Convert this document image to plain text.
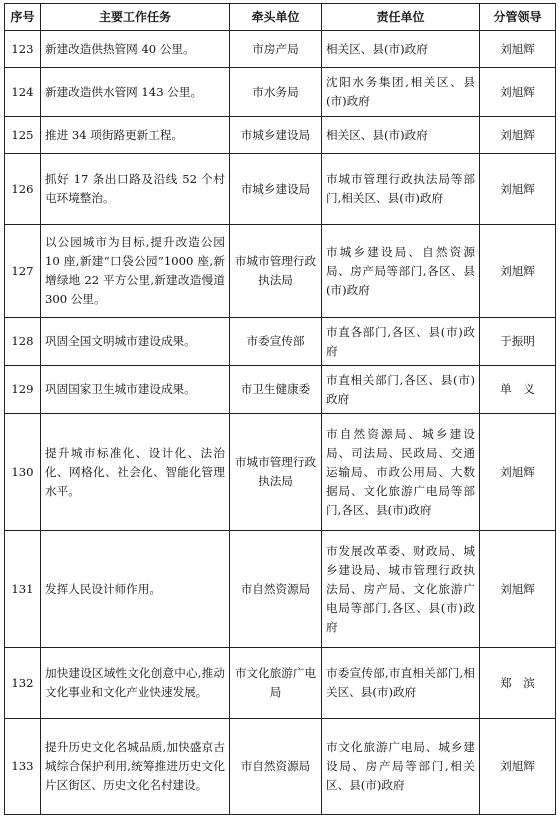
序号	主要工作任务	牵头单位	责任单位	分管领导
123	新建改造供热管网 40 公里。	市房产局	相关区、县(市)政府	刘旭辉
124	新建改造供水管网 143 公里。	市水务局	沈阳水务集团,相关区、县(市)政府	刘旭辉
125	推进 34 项街路更新工程。	市城乡建设局	相关区、县(市)政府	刘旭辉
126	抓好 17 条出口路及沿线 52 个村屯环境整治。	市城乡建设局	市城市管理行政执法局等部门,相关区、县(市)政府	刘旭辉
127	以公园城市为目标,提升改造公园 10 座,新建“口袋公园”1000 座,新增绿地 22 平方公里,新建改造慢道 300 公里。	市城市管理行政执法局	市城乡建设局、自然资源局、房产局等部门,各区、县(市)政府	刘旭辉
128	巩固全国文明城市建设成果。	市委宣传部	市直各部门,各区、县(市)政府	于振明
129	巩固国家卫生城市建设成果。	市卫生健康委	市直相关部门,各区、县(市)政府	单　义
130	提升城市标准化、设计化、法治化、网格化、社会化、智能化管理水平。	市城市管理行政执法局	市自然资源局、城乡建设局、司法局、民政局、交通运输局、市政公用局、大数据局、文化旅游广电局等部门,各区、县(市)政府	刘旭辉
131	发挥人民设计师作用。	市自然资源局	市发展改革委、财政局、城乡建设局、城市管理行政执法局、房产局、文化旅游广电局等部门,各区、县(市)政府	刘旭辉
132	加快建设区域性文化创意中心,推动文化事业和文化产业快速发展。	市文化旅游广电局	市委宣传部,市直相关部门,相关区、县(市)政府	郑　滨
133	提升历史文化名城品质,加快盛京古城综合保护利用,统筹推进历史文化片区街区、历史文化名村建设。	市自然资源局	市文化旅游广电局、城乡建设局、房产局等部门,相关区、县(市)政府	刘旭辉
